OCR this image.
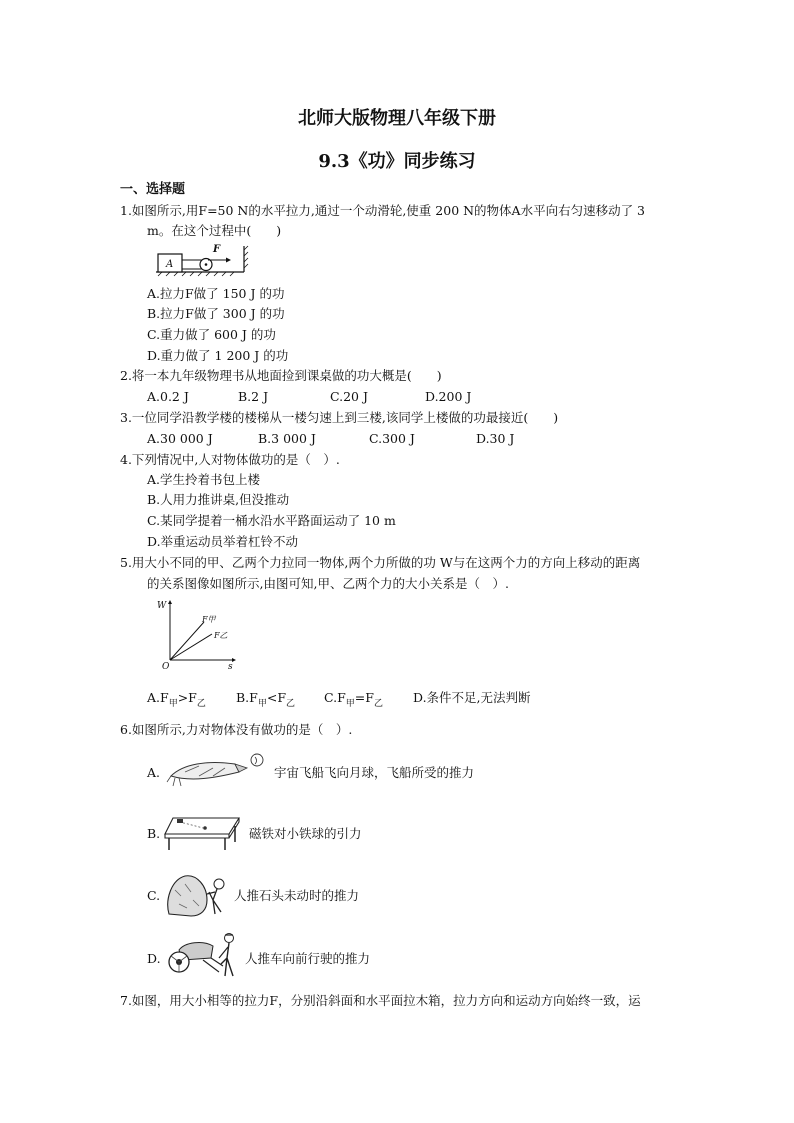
北师大版物理八年级下册
9.3《功》同步练习
一、选择题
1.如图所示,用F=50 N的水平拉力,通过一个动滑轮,使重 200 N的物体A水平向右匀速移动了 3
m。在这个过程中(　　)
A
F
A.拉力F做了 150 J 的功
B.拉力F做了 300 J 的功
C.重力做了 600 J 的功
D.重力做了 1 200 J 的功
2.将一本九年级物理书从地面捡到课桌做的功大概是(　　)
A.0.2 J	B.2 J	C.20 J	D.200 J
3.一位同学沿教学楼的楼梯从一楼匀速上到三楼,该同学上楼做的功最接近(　　)
A.30 000 J	B.3 000 J	C.300 J	D.30 J
4.下列情况中,人对物体做功的是（　）.
A.学生拎着书包上楼
B.人用力推讲桌,但没推动
C.某同学提着一桶水沿水平路面运动了 10 m
D.举重运动员举着杠铃不动
5.用大小不同的甲、乙两个力拉同一物体,两个力所做的功 W与在这两个力的方向上移动的距离
的关系图像如图所示,由图可知,甲、乙两个力的大小关系是（　）.
W
s
O
F甲
F乙
$A.F_甲>F_乙$ $B.F_甲<F_乙$ $C.F_甲=F_乙$ D.条件不足,无法判断
6.如图所示,力对物体没有做功的是（　）.
A.	宇宙飞船飞向月球，飞船所受的推力
B.	磁铁对小铁球的引力
C.	人推石头未动时的推力
D.	人推车向前行驶的推力
7.如图，用大小相等的拉力F，分别沿斜面和水平面拉木箱，拉力方向和运动方向始终一致，运
